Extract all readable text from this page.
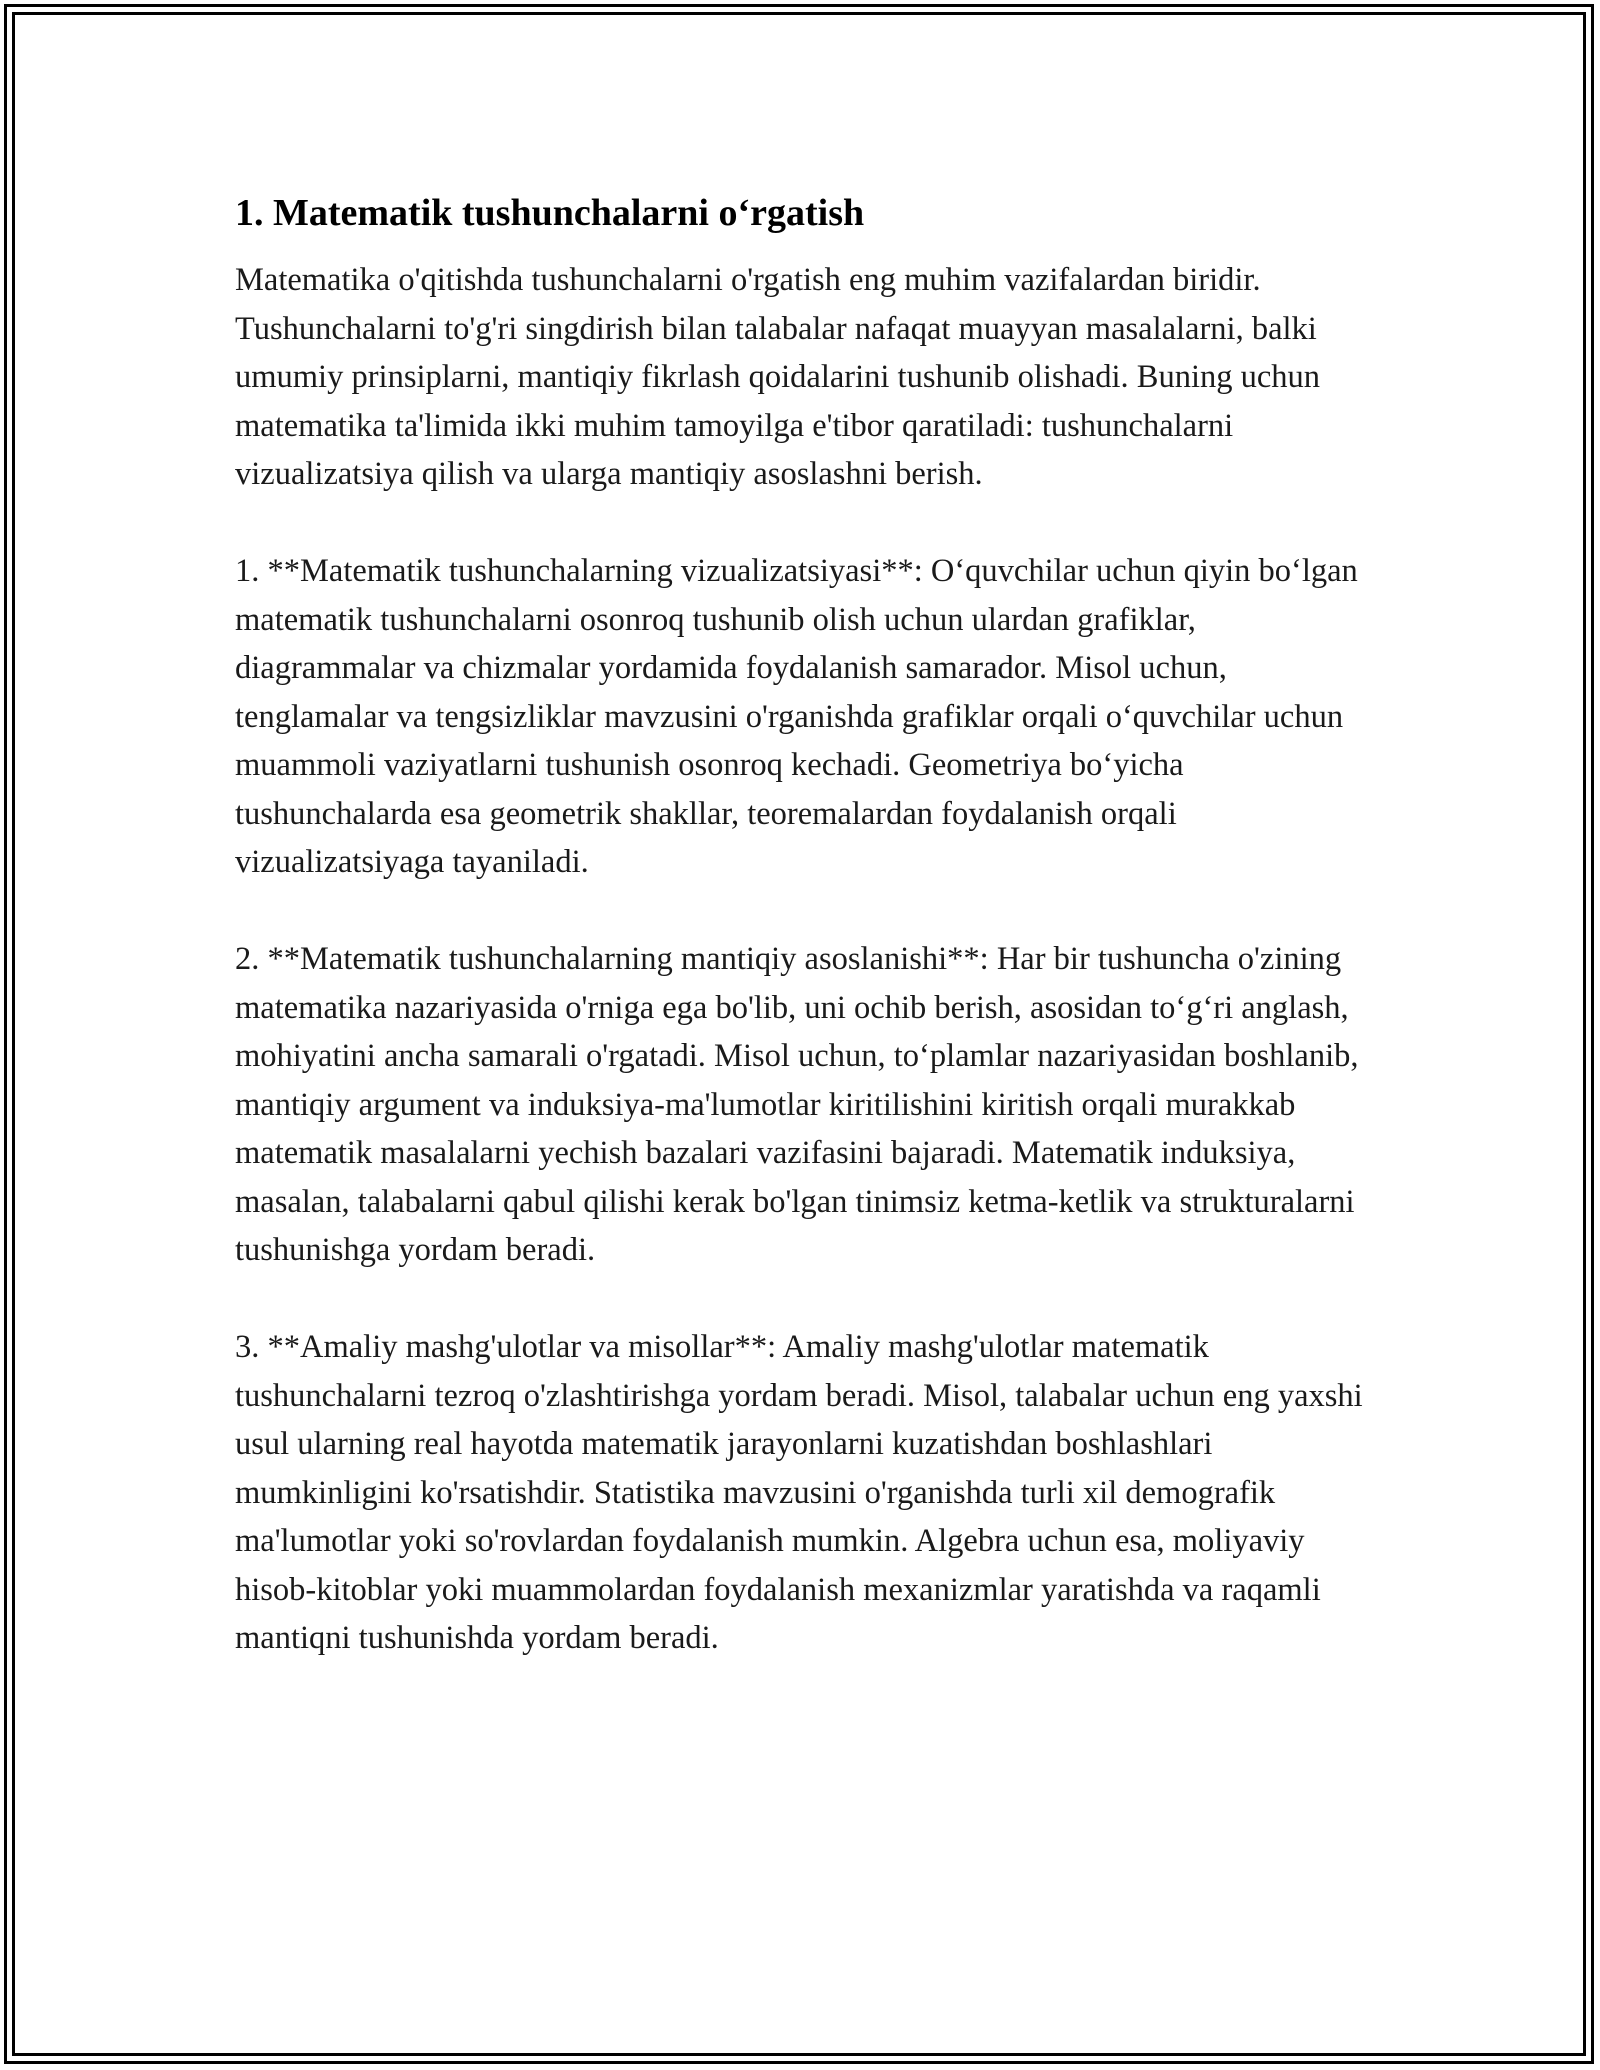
1. Matematik tushunchalarni o‘rgatish

Matematika o'qitishda tushunchalarni o'rgatish eng muhim vazifalardan biridir. Tushunchalarni to'g'ri singdirish bilan talabalar nafaqat muayyan masalalarni, balki umumiy prinsiplarni, mantiqiy fikrlash qoidalarini tushunib olishadi. Buning uchun matematika ta'limida ikki muhim tamoyilga e'tibor qaratiladi: tushunchalarni vizualizatsiya qilish va ularga mantiqiy asoslashni berish.

1. **Matematik tushunchalarning vizualizatsiyasi**: O‘quvchilar uchun qiyin bo‘lgan matematik tushunchalarni osonroq tushunib olish uchun ulardan grafiklar, diagrammalar va chizmalar yordamida foydalanish samarador. Misol uchun, tenglamalar va tengsizliklar mavzusini o'rganishda grafiklar orqali o‘quvchilar uchun muammoli vaziyatlarni tushunish osonroq kechadi. Geometriya bo‘yicha tushunchalarda esa geometrik shakllar, teoremalardan foydalanish orqali vizualizatsiyaga tayaniladi.

2. **Matematik tushunchalarning mantiqiy asoslanishi**: Har bir tushuncha o'zining matematika nazariyasida o'rniga ega bo'lib, uni ochib berish, asosidan to‘g‘ri anglash, mohiyatini ancha samarali o'rgatadi. Misol uchun, to‘plamlar nazariyasidan boshlanib, mantiqiy argument va induksiya-ma'lumotlar kiritilishini kiritish orqali murakkab matematik masalalarni yechish bazalari vazifasini bajaradi. Matematik induksiya, masalan, talabalarni qabul qilishi kerak bo'lgan tinimsiz ketma-ketlik va strukturalarni tushunishga yordam beradi.

3. **Amaliy mashg'ulotlar va misollar**: Amaliy mashg'ulotlar matematik tushunchalarni tezroq o'zlashtirishga yordam beradi. Misol, talabalar uchun eng yaxshi usul ularning real hayotda matematik jarayonlarni kuzatishdan boshlashlari mumkinligini ko'rsatishdir. Statistika mavzusini o'rganishda turli xil demografik ma'lumotlar yoki so'rovlardan foydalanish mumkin. Algebra uchun esa, moliyaviy hisob-kitoblar yoki muammolardan foydalanish mexanizmlar yaratishda va raqamli mantiqni tushunishda yordam beradi.
